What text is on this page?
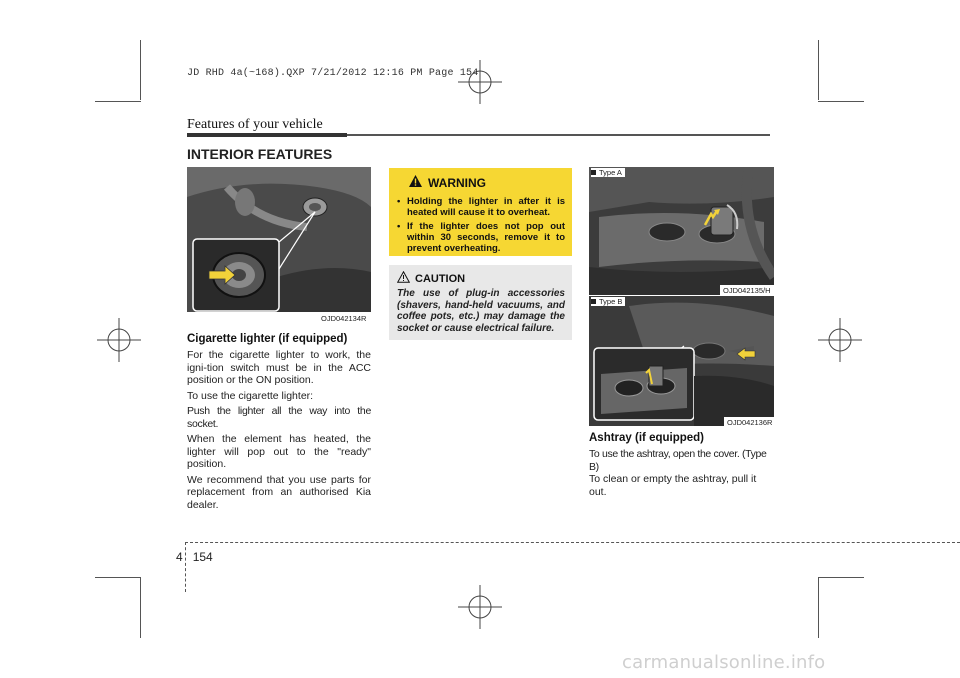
JD RHD 4a(~168).QXP 7/21/2012 12:16 PM Page 154
Features of your vehicle
INTERIOR FEATURES
OJD042134R
Cigarette lighter (if equipped)

For the cigarette lighter to work, the igni-tion switch must be in the ACC position or the ON position.

To use the cigarette lighter:

Push the lighter all the way into the socket.

When the element has heated, the lighter will pop out to the "ready" position.

We recommend that you use parts for replacement from an authorised Kia dealer.

WARNING
• Holding the lighter in after it is heated will cause it to overheat.
• If the lighter does not pop out within 30 seconds, remove it to prevent overheating.
CAUTION
The use of plug-in accessories (shavers, hand-held vacuums, and coffee pots, etc.) may damage the socket or cause electrical failure.
Type A
OJD042135/H
Type B
OJD042136R
Ashtray (if equipped)

To use the ashtray, open the cover. (Type B)

To clean or empty the ashtray, pull it out.

4 154
carmanualsonline.info
